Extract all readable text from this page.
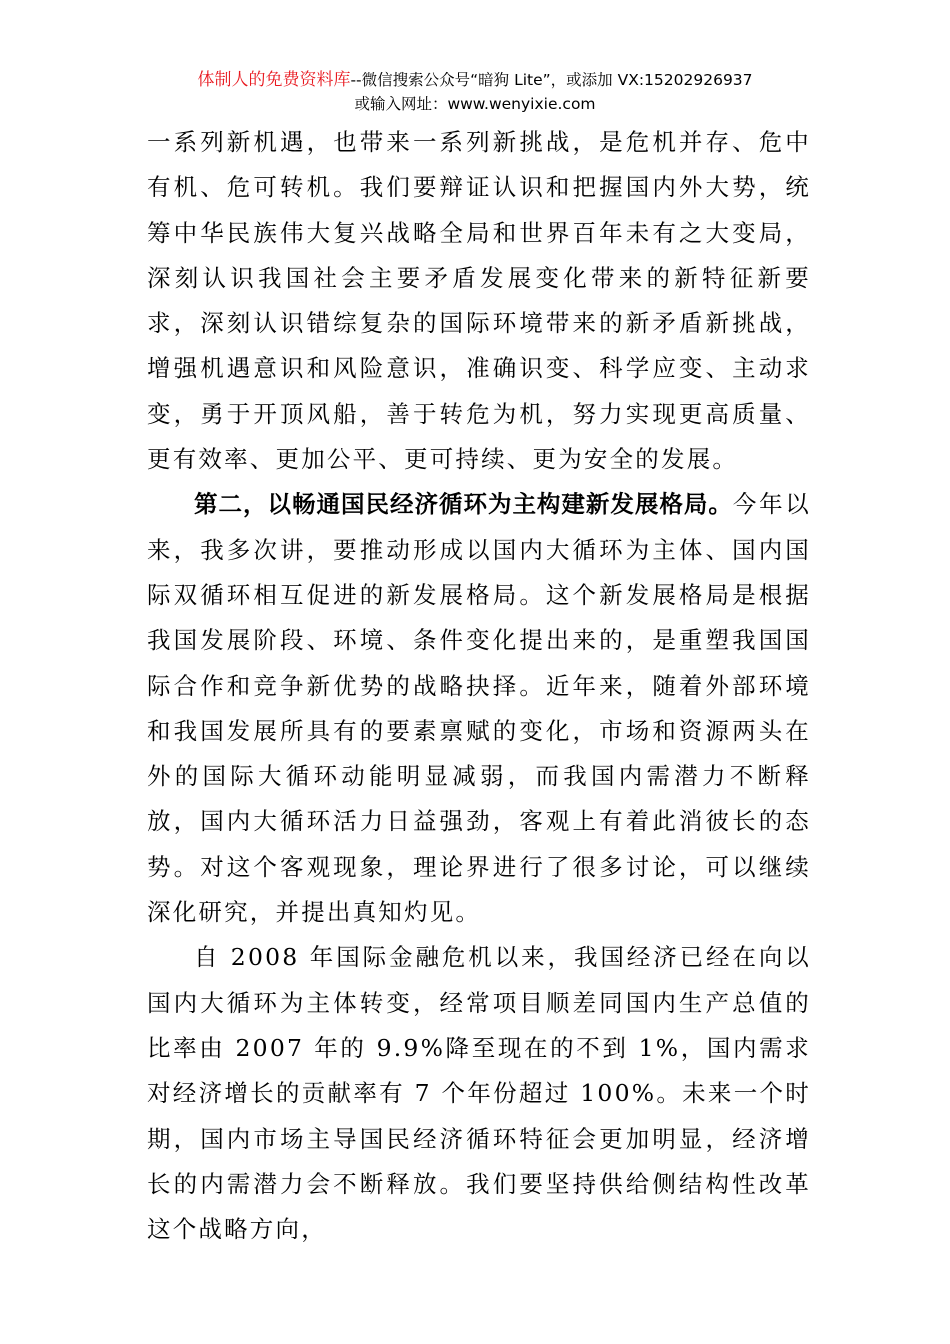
体制人的免费资料库--微信搜索公众号“暗狗 Lite”，或添加 VX:15202926937
或输入网址：www.wenyixie.com

一系列新机遇，也带来一系列新挑战，是危机并存、危中有机、危可转机。我们要辩证认识和把握国内外大势，统筹中华民族伟大复兴战略全局和世界百年未有之大变局，深刻认识我国社会主要矛盾发展变化带来的新特征新要求，深刻认识错综复杂的国际环境带来的新矛盾新挑战，增强机遇意识和风险意识，准确识变、科学应变、主动求变，勇于开顶风船，善于转危为机，努力实现更高质量、更有效率、更加公平、更可持续、更为安全的发展。

第二，以畅通国民经济循环为主构建新发展格局。今年以来，我多次讲，要推动形成以国内大循环为主体、国内国际双循环相互促进的新发展格局。这个新发展格局是根据我国发展阶段、环境、条件变化提出来的，是重塑我国国际合作和竞争新优势的战略抉择。近年来，随着外部环境和我国发展所具有的要素禀赋的变化，市场和资源两头在外的国际大循环动能明显减弱，而我国内需潜力不断释放，国内大循环活力日益强劲，客观上有着此消彼长的态势。对这个客观现象，理论界进行了很多讨论，可以继续深化研究，并提出真知灼见。

自 2008 年国际金融危机以来，我国经济已经在向以国内大循环为主体转变，经常项目顺差同国内生产总值的比率由 2007 年的 9.9%降至现在的不到 1%，国内需求对经济增长的贡献率有 7 个年份超过 100%。未来一个时期，国内市场主导国民经济循环特征会更加明显，经济增长的内需潜力会不断释放。我们要坚持供给侧结构性改革这个战略方向，
